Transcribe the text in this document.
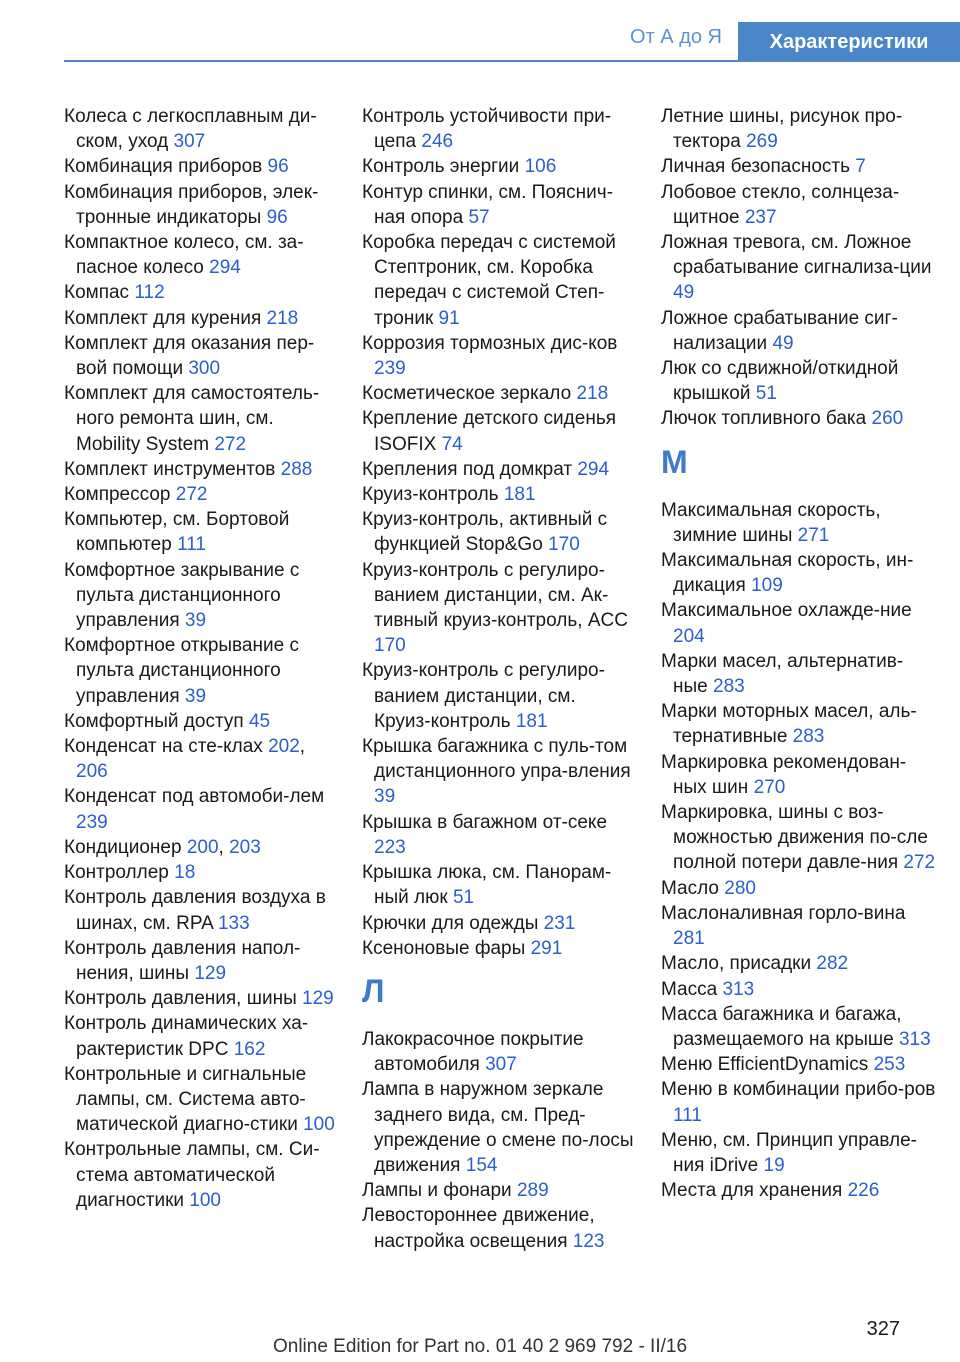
От А до Я	Характеристики
Колеса с легкосплавным ди-ском, уход 307
Комбинация приборов 96
Комбинация приборов, элек-тронные индикаторы 96
Компактное колесо, см. за-пасное колесо 294
Компас 112
Комплект для курения 218
Комплект для оказания пер-вой помощи 300
Комплект для самостоятель-ного ремонта шин, см. Mobility System 272
Комплект инструментов 288
Компрессор 272
Компьютер, см. Бортовой компьютер 111
Комфортное закрывание с пульта дистанционного управления 39
Комфортное открывание с пульта дистанционного управления 39
Комфортный доступ 45
Конденсат на сте-клах 202, 206
Конденсат под автомоби-лем 239
Кондиционер 200, 203
Контроллер 18
Контроль давления воздуха в шинах, см. RPA 133
Контроль давления напол-нения, шины 129
Контроль давления, шины 129
Контроль динамических ха-рактеристик DPC 162
Контрольные и сигнальные лампы, см. Система авто-матической диагно-стики 100
Контрольные лампы, см. Си-стема автоматической диагностики 100
Контроль устойчивости при-цепа 246
Контроль энергии 106
Контур спинки, см. Пояснич-ная опора 57
Коробка передач с системой Стептроник, см. Коробка передач с системой Степ-троник 91
Коррозия тормозных дис-ков 239
Косметическое зеркало 218
Крепление детского сиденья ISOFIX 74
Крепления под домкрат 294
Круиз-контроль 181
Круиз-контроль, активный с функцией Stop&Go 170
Круиз-контроль с регулиро-ванием дистанции, см. Ак-тивный круиз-контроль, ACC 170
Круиз-контроль с регулиро-ванием дистанции, см. Круиз-контроль 181
Крышка багажника с пуль-том дистанционного упра-вления 39
Крышка в багажном от-секе 223
Крышка люка, см. Панорам-ный люк 51
Крючки для одежды 231
Ксеноновые фары 291
Л
Лакокрасочное покрытие автомобиля 307
Лампа в наружном зеркале заднего вида, см. Пред-упреждение о смене по-лосы движения 154
Лампы и фонари 289
Левостороннее движение, настройка освещения 123
Летние шины, рисунок про-тектора 269
Личная безопасность 7
Лобовое стекло, солнцеза-щитное 237
Ложная тревога, см. Ложное срабатывание сигнализа-ции 49
Ложное срабатывание сиг-нализации 49
Люк со сдвижной/откидной крышкой 51
Лючок топливного бака 260
М
Максимальная скорость, зимние шины 271
Максимальная скорость, ин-дикация 109
Максимальное охлажде-ние 204
Марки масел, альтернатив-ные 283
Марки моторных масел, аль-тернативные 283
Маркировка рекомендован-ных шин 270
Маркировка, шины с воз-можностью движения по-сле полной потери давле-ния 272
Масло 280
Маслоналивная горло-вина 281
Масло, присадки 282
Масса 313
Масса багажника и багажа, размещаемого на крыше 313
Меню EfficientDynamics 253
Меню в комбинации прибо-ров 111
Меню, см. Принцип управле-ния iDrive 19
Места для хранения 226
327
Online Edition for Part no. 01 40 2 969 792 - II/16
